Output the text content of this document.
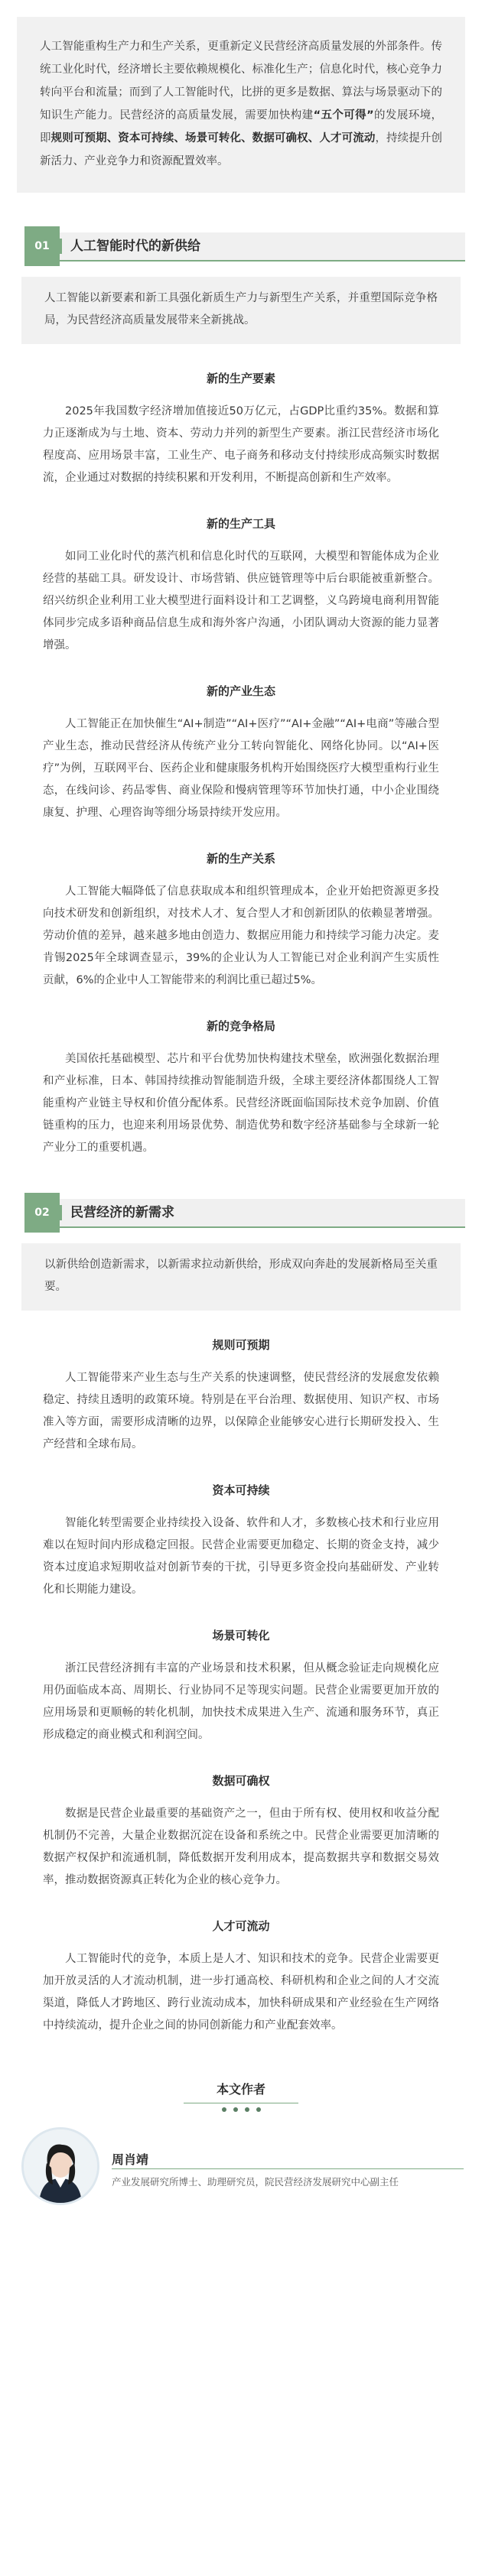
人工智能重构生产力和生产关系，更重新定义民营经济高质量发展的外部条件。传统工业化时代，经济增长主要依赖规模化、标准化生产；信息化时代，核心竞争力转向平台和流量；而到了人工智能时代，比拼的更多是数据、算法与场景驱动下的知识生产能力。民营经济的高质量发展，需要加快构建“五个可得”的发展环境，即规则可预期、资本可持续、场景可转化、数据可确权、人才可流动，持续提升创新活力、产业竞争力和资源配置效率。
01	人工智能时代的新供给
人工智能以新要素和新工具强化新质生产力与新型生产关系，并重塑国际竞争格局，为民营经济高质量发展带来全新挑战。
新的生产要素
2025年我国数字经济增加值接近50万亿元，占GDP比重约35%。数据和算力正逐渐成为与土地、资本、劳动力并列的新型生产要素。浙江民营经济市场化程度高、应用场景丰富，工业生产、电子商务和移动支付持续形成高频实时数据流，企业通过对数据的持续积累和开发利用，不断提高创新和生产效率。
新的生产工具
如同工业化时代的蒸汽机和信息化时代的互联网，大模型和智能体成为企业经营的基础工具。研发设计、市场营销、供应链管理等中后台职能被重新整合。绍兴纺织企业利用工业大模型进行面料设计和工艺调整，义乌跨境电商利用智能体同步完成多语种商品信息生成和海外客户沟通，小团队调动大资源的能力显著增强。
新的产业生态
人工智能正在加快催生“AI+制造”“AI+医疗”“AI+金融”“AI+电商”等融合型产业生态，推动民营经济从传统产业分工转向智能化、网络化协同。以“AI+医疗”为例，互联网平台、医药企业和健康服务机构开始围绕医疗大模型重构行业生态，在线问诊、药品零售、商业保险和慢病管理等环节加快打通，中小企业围绕康复、护理、心理咨询等细分场景持续开发应用。
新的生产关系
人工智能大幅降低了信息获取成本和组织管理成本，企业开始把资源更多投向技术研发和创新组织，对技术人才、复合型人才和创新团队的依赖显著增强。劳动价值的差异，越来越多地由创造力、数据应用能力和持续学习能力决定。麦肯锡2025年全球调查显示，39%的企业认为人工智能已对企业利润产生实质性贡献，6%的企业中人工智能带来的利润比重已超过5%。
新的竞争格局
美国依托基础模型、芯片和平台优势加快构建技术壁垒，欧洲强化数据治理和产业标准，日本、韩国持续推动智能制造升级，全球主要经济体都围绕人工智能重构产业链主导权和价值分配体系。民营经济既面临国际技术竞争加剧、价值链重构的压力，也迎来利用场景优势、制造优势和数字经济基础参与全球新一轮产业分工的重要机遇。
02	民营经济的新需求
以新供给创造新需求，以新需求拉动新供给，形成双向奔赴的发展新格局至关重要。
规则可预期
人工智能带来产业生态与生产关系的快速调整，使民营经济的发展愈发依赖稳定、持续且透明的政策环境。特别是在平台治理、数据使用、知识产权、市场准入等方面，需要形成清晰的边界，以保障企业能够安心进行长期研发投入、生产经营和全球布局。
资本可持续
智能化转型需要企业持续投入设备、软件和人才，多数核心技术和行业应用难以在短时间内形成稳定回报。民营企业需要更加稳定、长期的资金支持，减少资本过度追求短期收益对创新节奏的干扰，引导更多资金投向基础研发、产业转化和长期能力建设。
场景可转化
浙江民营经济拥有丰富的产业场景和技术积累，但从概念验证走向规模化应用仍面临成本高、周期长、行业协同不足等现实问题。民营企业需要更加开放的应用场景和更顺畅的转化机制，加快技术成果进入生产、流通和服务环节，真正形成稳定的商业模式和利润空间。
数据可确权
数据是民营企业最重要的基础资产之一，但由于所有权、使用权和收益分配机制仍不完善，大量企业数据沉淀在设备和系统之中。民营企业需要更加清晰的数据产权保护和流通机制，降低数据开发利用成本，提高数据共享和数据交易效率，推动数据资源真正转化为企业的核心竞争力。
人才可流动
人工智能时代的竞争，本质上是人才、知识和技术的竞争。民营企业需要更加开放灵活的人才流动机制，进一步打通高校、科研机构和企业之间的人才交流渠道，降低人才跨地区、跨行业流动成本，加快科研成果和产业经验在生产网络中持续流动，提升企业之间的协同创新能力和产业配套效率。
本文作者
周肖靖
产业发展研究所博士、助理研究员，院民营经济发展研究中心副主任
